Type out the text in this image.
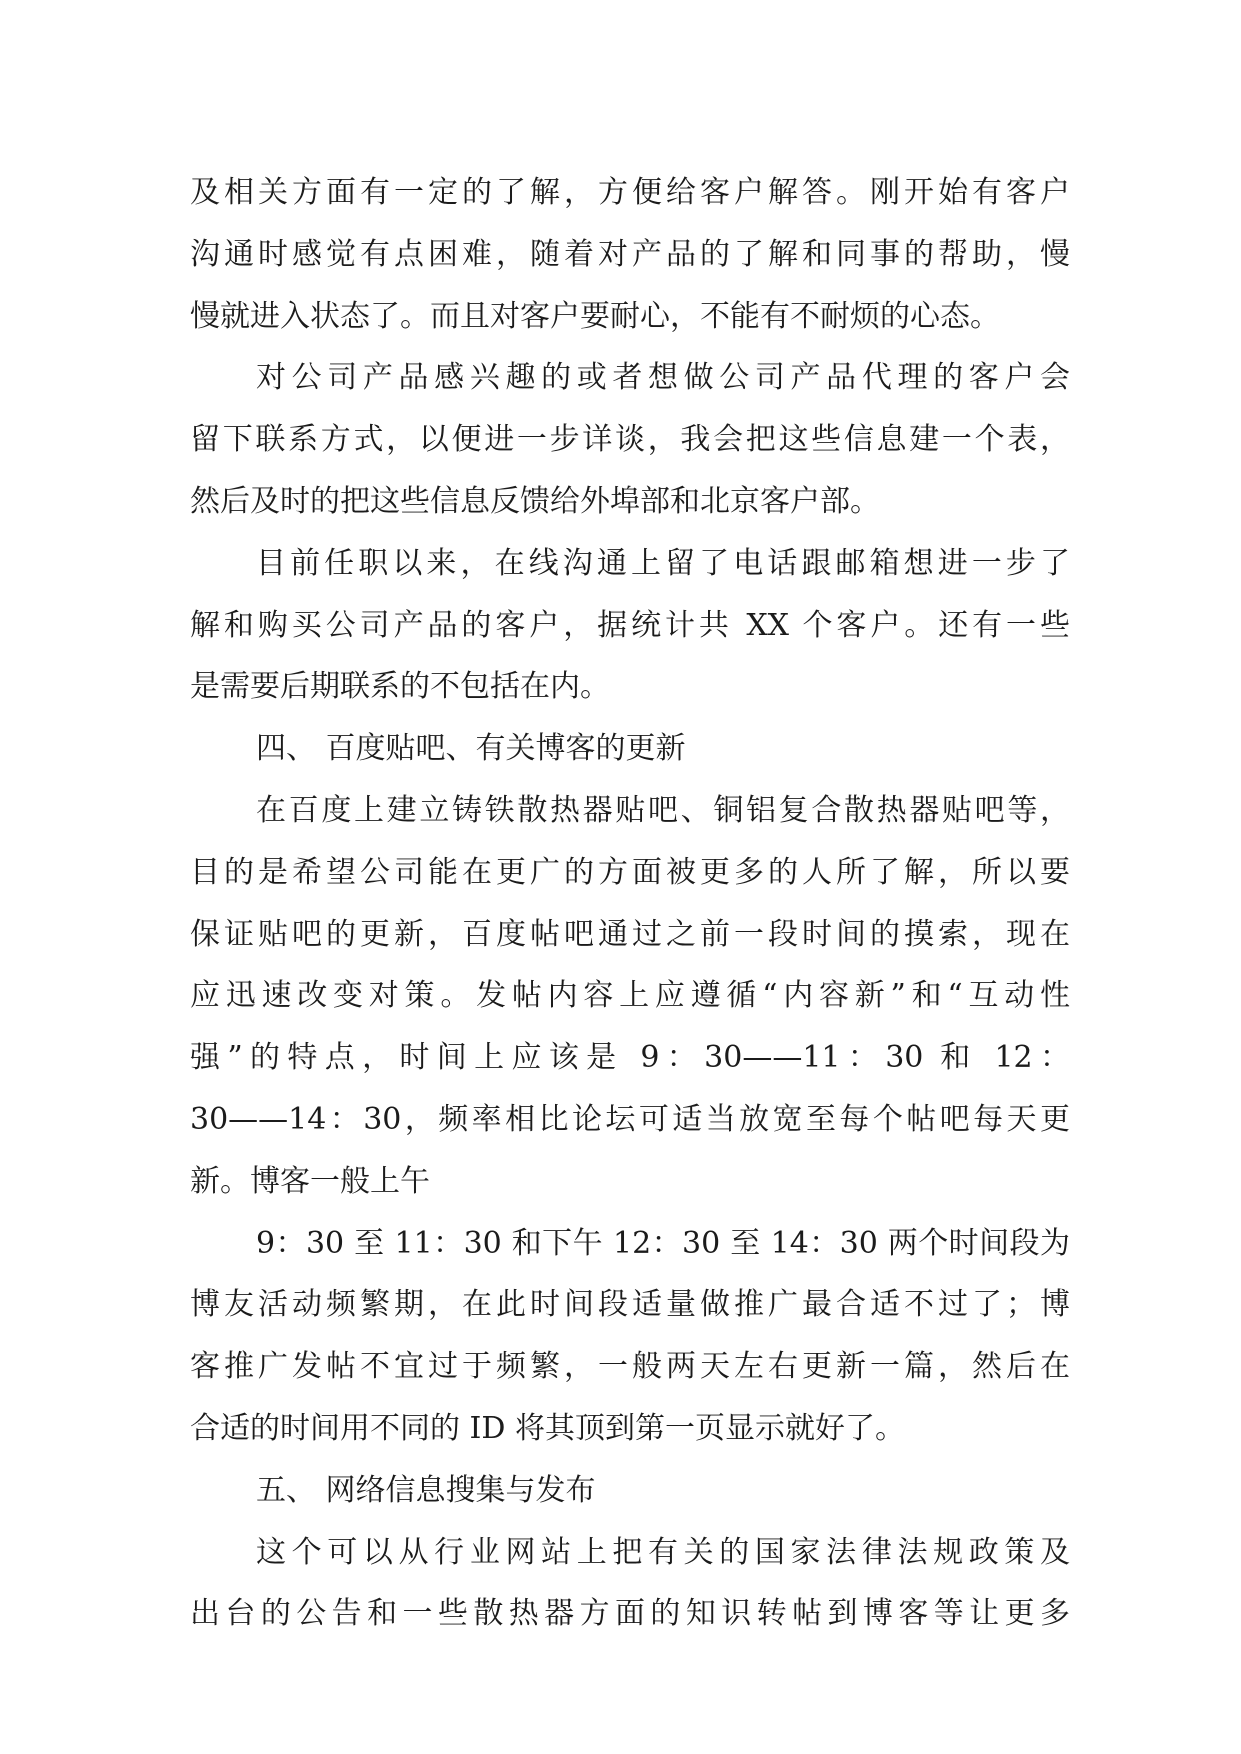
及相关方面有一定的了解，方便给客户解答。刚开始有客户
沟通时感觉有点困难，随着对产品的了解和同事的帮助，慢
慢就进入状态了。而且对客户要耐心，不能有不耐烦的心态。
对公司产品感兴趣的或者想做公司产品代理的客户会
留下联系方式，以便进一步详谈，我会把这些信息建一个表，
然后及时的把这些信息反馈给外埠部和北京客户部。
目前任职以来，在线沟通上留了电话跟邮箱想进一步了
解和购买公司产品的客户，据统计共 XX 个客户。还有一些
是需要后期联系的不包括在内。
四、 百度贴吧、有关博客的更新
在百度上建立铸铁散热器贴吧、铜铝复合散热器贴吧等，
目的是希望公司能在更广的方面被更多的人所了解，所以要
保证贴吧的更新，百度帖吧通过之前一段时间的摸索，现在
应迅速改变对策。发帖内容上应遵循“内容新”和“互动性
强”的特点，时间上应该是 9：30——11：30 和 12：
30——14：30，频率相比论坛可适当放宽至每个帖吧每天更
新。博客一般上午
9：30 至 11：30 和下午 12：30 至 14：30 两个时间段为
博友活动频繁期，在此时间段适量做推广最合适不过了；博
客推广发帖不宜过于频繁，一般两天左右更新一篇，然后在
合适的时间用不同的 ID 将其顶到第一页显示就好了。
五、 网络信息搜集与发布
这个可以从行业网站上把有关的国家法律法规政策及
出台的公告和一些散热器方面的知识转帖到博客等让更多
